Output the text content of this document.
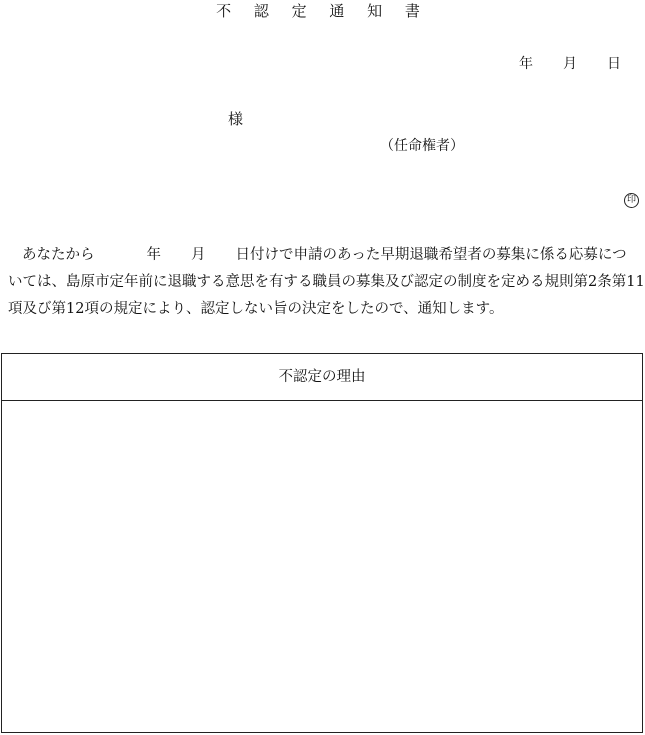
不 認 定 通 知 書
年 月 日
様
（任命権者）
印
あなたから	年 月 日付けで申請のあった早期退職希望者の募集に係る応募につ
いては、島原市定年前に退職する意思を有する職員の募集及び認定の制度を定める規則第2条第11
項及び第12項の規定により、認定しない旨の決定をしたので、通知します。
不認定の理由
